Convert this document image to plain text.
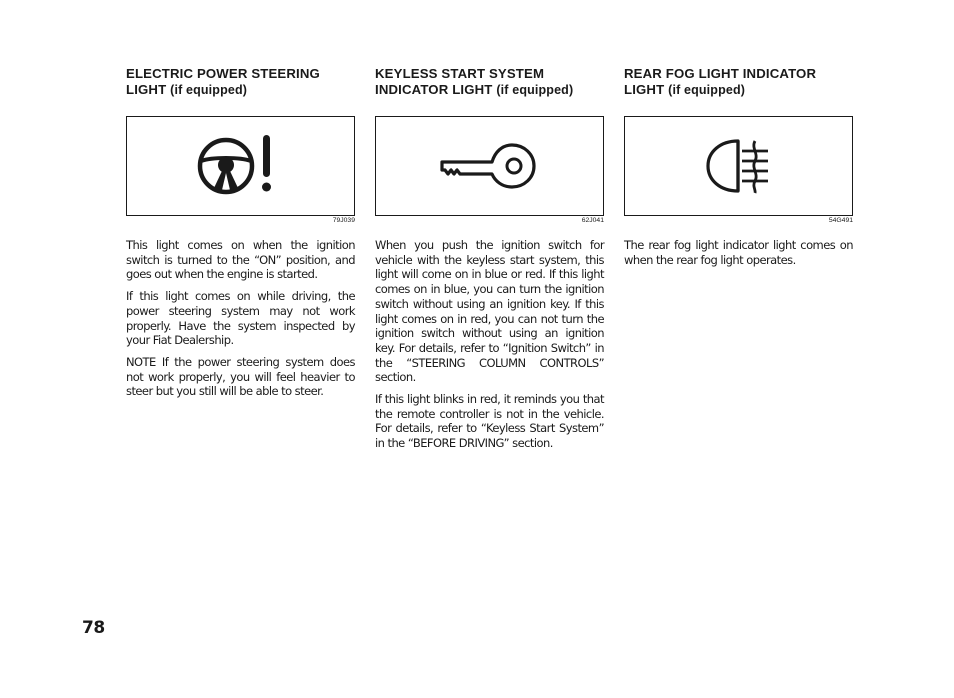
ELECTRIC POWER STEERING LIGHT (if equipped)
79J039

This light comes on when the ignition switch is turned to the “ON” position, and goes out when the engine is started.

If this light comes on while driving, the power steering system may not work properly. Have the system inspected by your Fiat Dealership.

NOTE If the power steering system does not work properly, you will feel heavier to steer but you still will be able to steer.

KEYLESS START SYSTEM INDICATOR LIGHT (if equipped)
62J041

When you push the ignition switch for vehicle with the keyless start system, this light will come on in blue or red. If this light comes on in blue, you can turn the ignition switch without using an ignition key. If this light comes on in red, you can not turn the ignition switch without using an ignition key. For details, refer to “Ignition Switch” in the “STEERING COLUMN CONTROLS” section.

If this light blinks in red, it reminds you that the remote controller is not in the vehicle. For details, refer to “Keyless Start System” in the “BEFORE DRIVING” section.

REAR FOG LIGHT INDICATOR LIGHT (if equipped)
54G491

The rear fog light indicator light comes on when the rear fog light operates.

78
